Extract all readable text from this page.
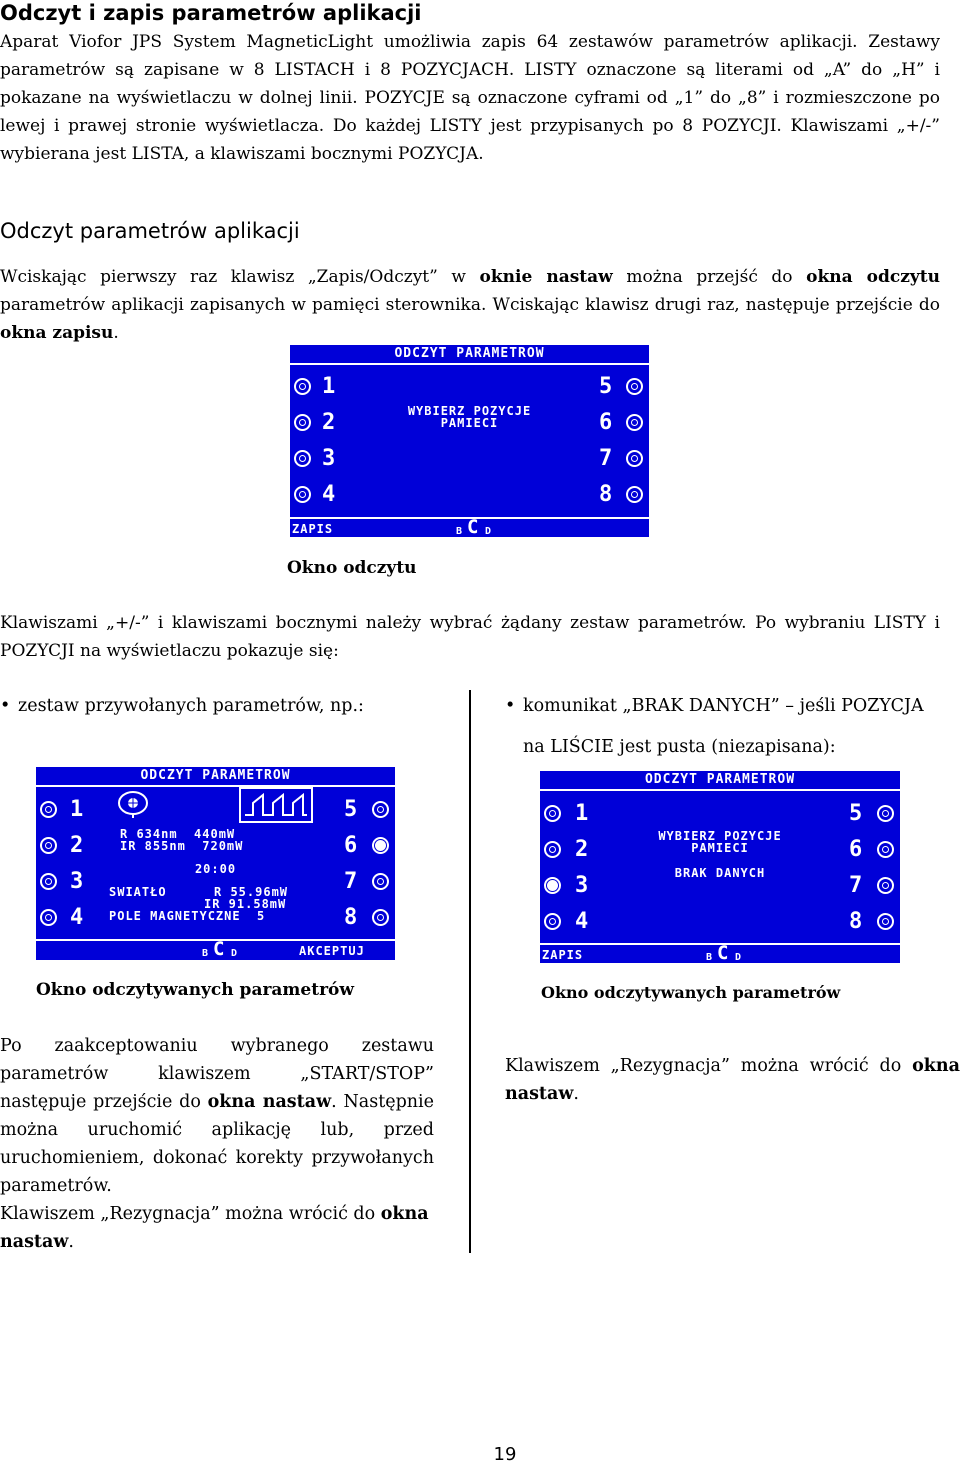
Odczyt i zapis parametrów aplikacji

Aparat Viofor JPS System MagneticLight umożliwia zapis 64 zestawów parametrów aplikacji. Zestawy parametrów są zapisane w 8 LISTACH i 8 POZYCJACH. LISTY oznaczone są literami od „A” do „H” i pokazane na wyświetlaczu w dolnej linii. POZYCJE są oznaczone cyframi od „1” do „8” i rozmieszczone po lewej i prawej stronie wyświetlacza. Do każdej LISTY jest przypisanych po 8 POZYCJI. Klawiszami „+/-” wybierana jest LISTA, a klawiszami bocznymi POZYCJA.

Odczyt parametrów aplikacji

Wciskając pierwszy raz klawisz „Zapis/Odczyt” w oknie nastaw można przejść do okna odczytu parametrów aplikacji zapisanych w pamięci sterownika. Wciskając klawisz drugi raz, następuje przejście do okna zapisu.

ODCZYT PARAMETROW
1
2
3
4
5
6
7
8
WYBIERZ POZYCJE
PAMIECI
ZAPIS	B C D
Okno odczytu

Klawiszami „+/-” i klawiszami bocznymi należy wybrać żądany zestaw parametrów. Po wybraniu LISTY i POZYCJI na wyświetlaczu pokazuje się:

• zestaw przywołanych parametrów, np.:	• komunikat „BRAK DANYCH” – jeśli POZYCJA
na LIŚCIE jest pusta (niezapisana):
ODCZYT PARAMETROW
1
2
3
4
5
6
7
8
R 634nm  440mW
IR 855nm  720mW
20:00
SWIATŁO	R 55.96mW
IR 91.58mW
POLE MAGNETYCZNE  5
B C D	AKCEPTUJ
ODCZYT PARAMETROW
1
2
3
4
5
6
7
8
WYBIERZ POZYCJE
PAMIECI
BRAK DANYCH
ZAPIS	B C D
Okno odczytywanych parametrów	Okno odczytywanych parametrów

Po zaakceptowaniu wybranego zestawu parametrów klawiszem „START/STOP” następuje przejście do okna nastaw. Następnie można uruchomić aplikację lub, przed uruchomieniem, dokonać korekty przywołanych parametrów.

Klawiszem „Rezygnacja” można wrócić do okna nastaw.

Klawiszem „Rezygnacja” można wrócić do okna nastaw.

19
